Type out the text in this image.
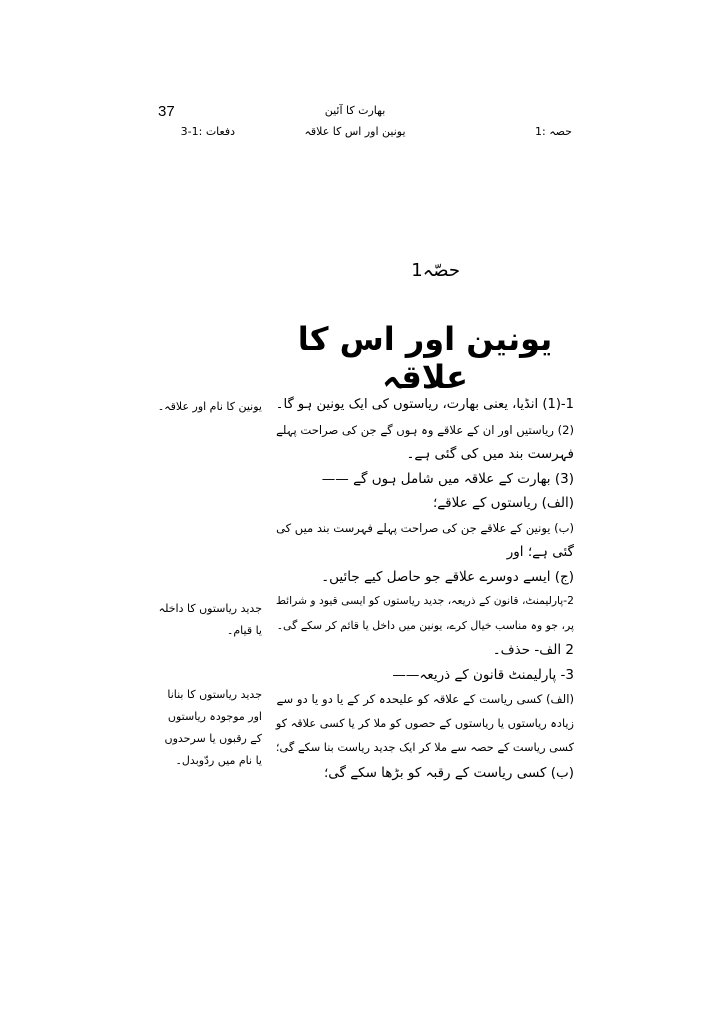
37	بھارت کا آئین
حصہ :1
یونین اور اس کا علاقہ
دفعات :1-3
حصّہ1
یونین اور اس کا علاقہ
یونین کا نام اور علاقہ۔
جدید ریاستوں کا داخلہ
یا قیام۔
جدید ریاستوں کا بنانا
اور موجودہ ریاستوں
کے رقبوں یا سرحدوں
یا نام میں ردّوبدل۔

1-(1) انڈیا، یعنی بھارت، ریاستوں کی ایک یونین ہو گا۔

(2) ریاستیں اور ان کے علاقے وہ ہوں گے جن کی صراحت پہلے

فہرست بند میں کی گئی ہے۔

(3) بھارت کے علاقہ میں شامل ہوں گے ——

(الف) ریاستوں کے علاقے؛

(ب) یونین کے علاقے جن کی صراحت پہلے فہرست بند میں کی

گئی ہے؛ اور

(ج) ایسے دوسرے علاقے جو حاصل کیے جائیں۔

2-پارلیمنٹ، قانون کے ذریعہ، جدید ریاستوں کو ایسی قیود و شرائط

پر، جو وہ مناسب خیال کرے، یونین میں داخل یا قائم کر سکے گی۔

2 الف- حذف۔

3- پارلیمنٹ قانون کے ذریعہ——

(الف) کسی ریاست کے علاقہ کو علیحدہ کر کے یا دو یا دو سے

زیادہ ریاستوں یا ریاستوں کے حصوں کو ملا کر یا کسی علاقہ کو

کسی ریاست کے حصہ سے ملا کر ایک جدید ریاست بنا سکے گی؛

(ب) کسی ریاست کے رقبہ کو بڑھا سکے گی؛
